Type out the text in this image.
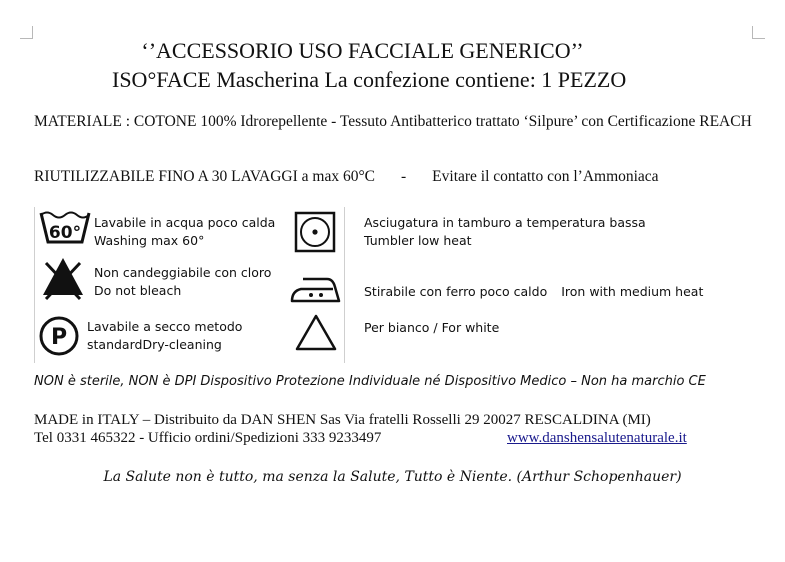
‘’ACCESSORIO USO FACCIALE GENERICO’’
ISO°FACE Mascherina La confezione contiene: 1 PEZZO
MATERIALE : COTONE 100% Idrorepellente - Tessuto Antibatterico trattato ‘Silpure’ con Certificazione REACH
RIUTILIZZABILE FINO A 30 LAVAGGI a max 60°C - Evitare il contatto con l’Ammoniaca
60°
Lavabile in acqua poco calda
Washing max 60°
Asciugatura in tamburo a temperatura bassa
Tumbler low heat
Non candeggiabile con cloro
Do not bleach	Stirabile con ferro poco caldo Iron with medium heat
P Lavabile a secco metodo
standardDry-cleaning
Per bianco / For white
NON è sterile, NON è DPI Dispositivo Protezione Individuale né Dispositivo Medico – Non ha marchio CE
MADE in ITALY – Distribuito da DAN SHEN Sas Via fratelli Rosselli 29 20027 RESCALDINA (MI)
Tel 0331 465322 - Ufficio ordini/Spedizioni 333 9233497	www.danshensalutenaturale.it
La Salute non è tutto, ma senza la Salute, Tutto è Niente. (Arthur Schopenhauer)
